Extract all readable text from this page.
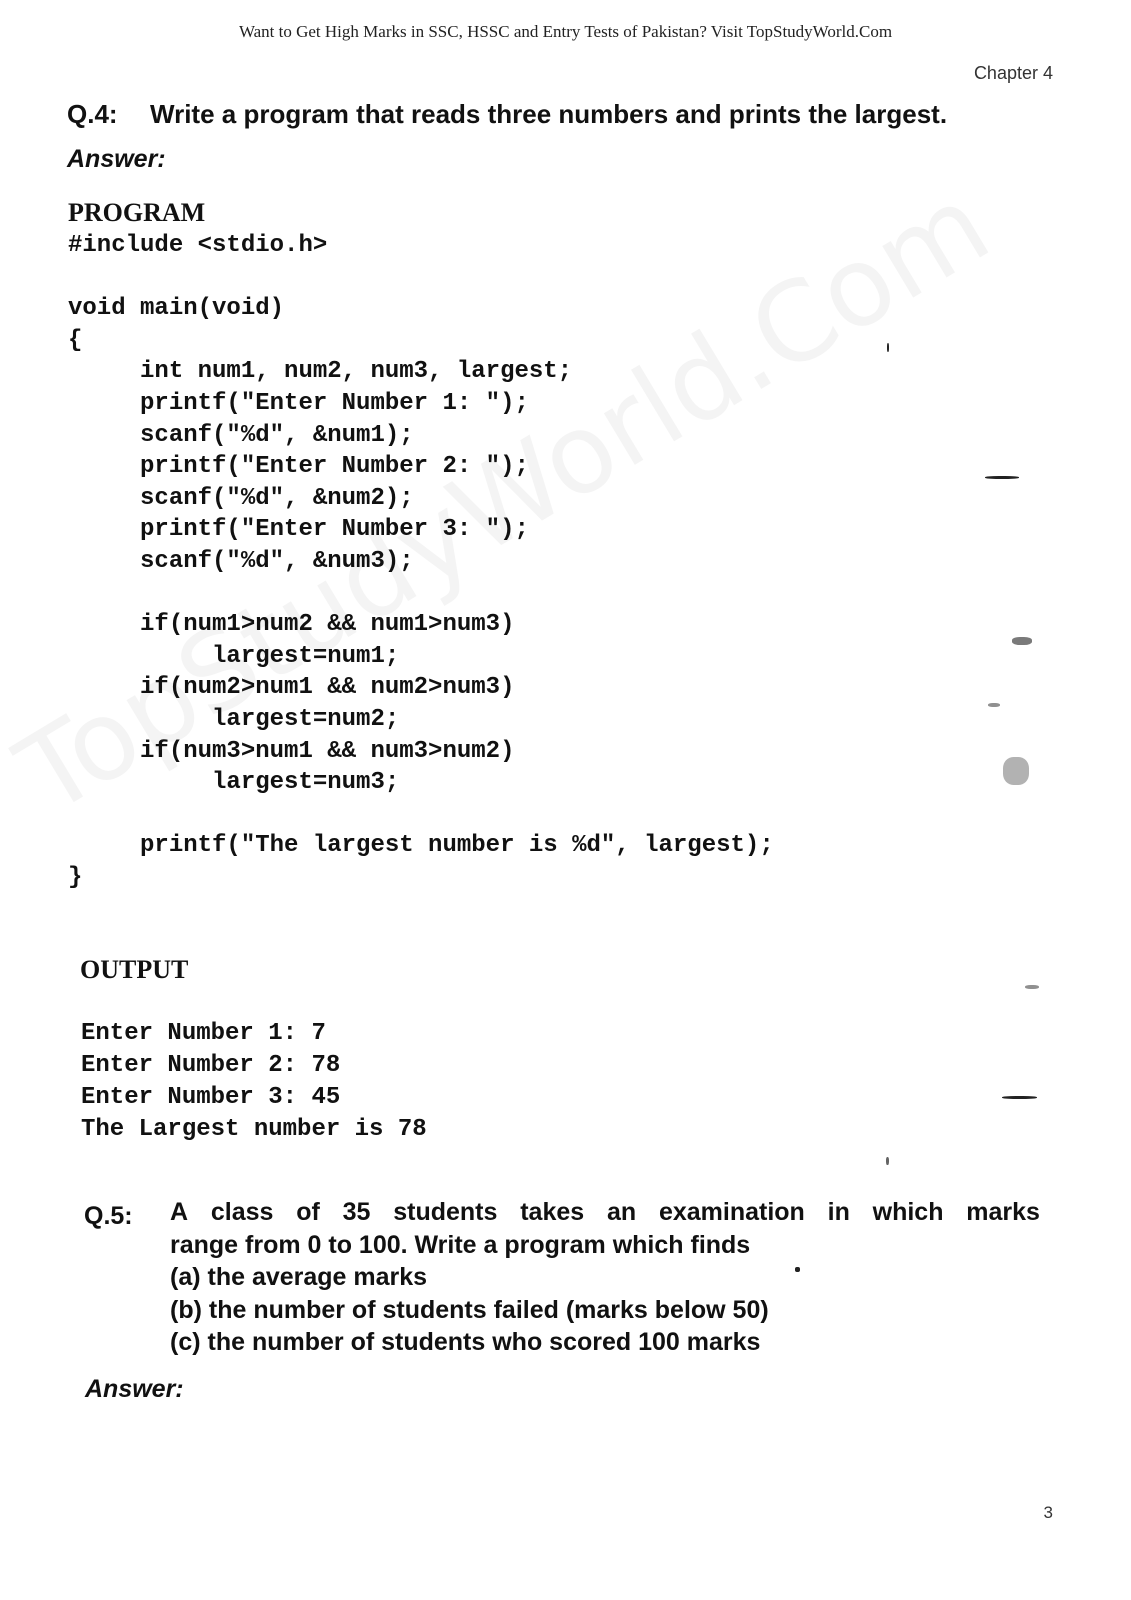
Want to Get High Marks in SSC, HSSC and Entry Tests of Pakistan? Visit TopStudyWorld.Com
Chapter 4
Q.4: Write a program that reads three numbers and prints the largest.
Answer:
PROGRAM
#include <stdio.h>

void main(void)
{
int num1, num2, num3, largest;
printf("Enter Number 1: ");
scanf("%d", &num1);
printf("Enter Number 2: ");
scanf("%d", &num2);
printf("Enter Number 3: ");
scanf("%d", &num3);

if(num1>num2 && num1>num3)
largest=num1;
if(num2>num1 && num2>num3)
largest=num2;
if(num3>num1 && num3>num2)
largest=num3;

printf("The largest number is %d", largest);
}
OUTPUT
Enter Number 1: 7
Enter Number 2: 78
Enter Number 3: 45
The Largest number is 78
Q.5: A class of 35 students takes an examination in which marks
range from 0 to 100. Write a program which finds
(a) the average marks
(b) the number of students failed (marks below 50)
(c) the number of students who scored 100 marks
Answer:
3
